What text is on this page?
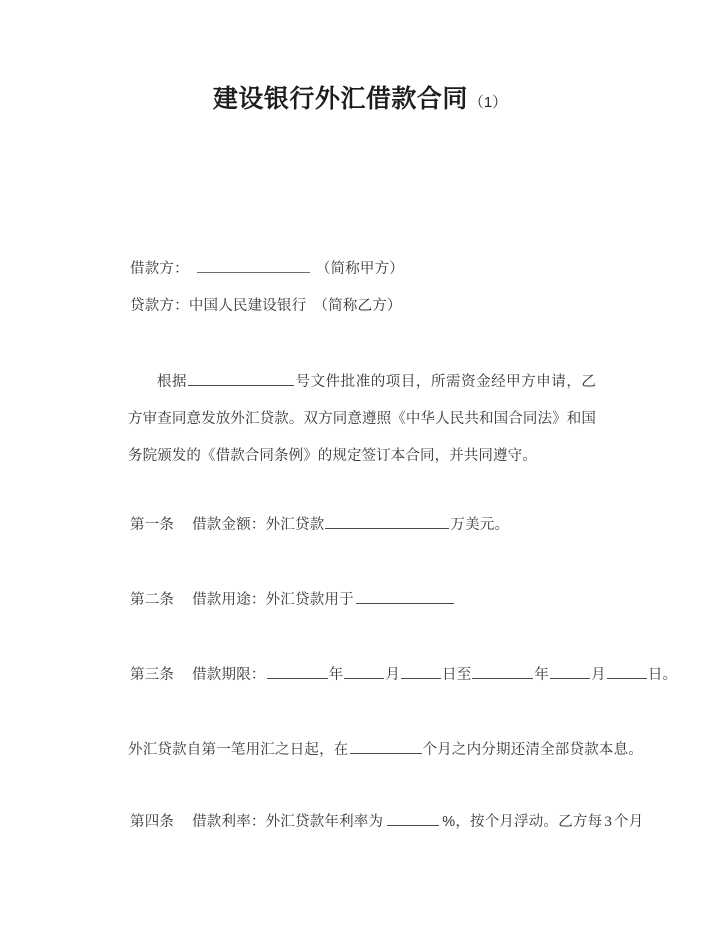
建设银行外汇借款合同（1）
借款方：	（简称甲方）
贷款方：中国人民建设银行 （简称乙方）
根据	号文件批准的项目，所需资金经甲方申请，乙方审查同意发放外汇贷款。双方同意遵照《中华人民共和国合同法》和国务院颁发的《借款合同条例》的规定签订本合同，并共同遵守。
第一条 借款金额：外汇贷款	万美元。
第二条 借款用途：外汇贷款用于
第三条 借款期限：	年	月	日至	年	月	日。
外汇贷款自第一笔用汇之日起，在	个月之内分期还清全部贷款本息。
第四条 借款利率：外汇贷款年利率为	%，按个月浮动。乙方每 3 个月
